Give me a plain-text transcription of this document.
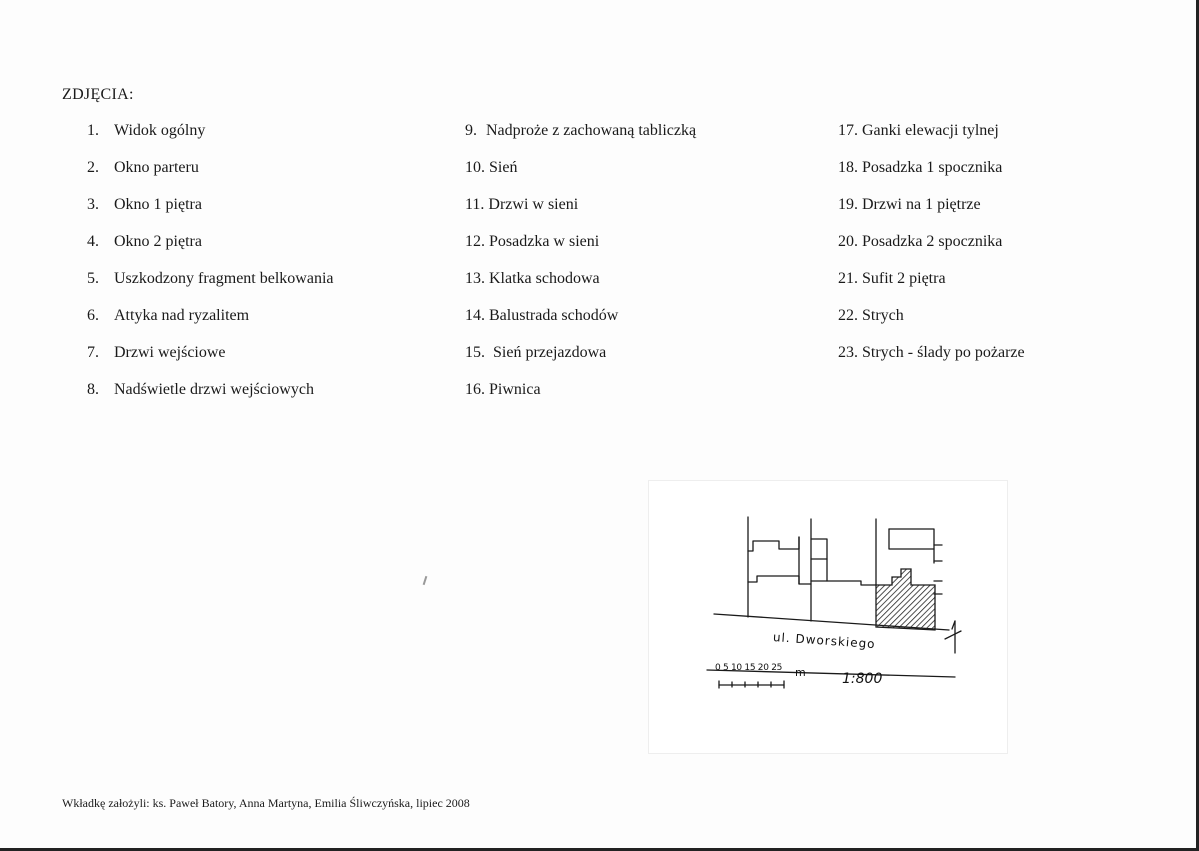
ZDJĘCIA:
1. Widok ogólny
2. Okno parteru
3. Okno 1 piętra
4. Okno 2 piętra
5. Uszkodzony fragment belkowania
6. Attyka nad ryzalitem
7. Drzwi wejściowe
8. Nadświetle drzwi wejściowych
9. Nadproże z zachowaną tabliczką
10. Sień
11. Drzwi w sieni
12. Posadzka w sieni
13. Klatka schodowa
14. Balustrada schodów
15. Sień przejazdowa
16. Piwnica
17. Ganki elewacji tylnej
18. Posadzka 1 spocznika
19. Drzwi na 1 piętrze
20. Posadzka 2 spocznika
21. Sufit 2 piętra
22. Strych
23. Strych - ślady po pożarze
ul. Dworskiego
0 5 10 15 20 25 m	1:800
Wkładkę założyli: ks. Paweł Batory, Anna Martyna, Emilia Śliwczyńska, lipiec 2008
